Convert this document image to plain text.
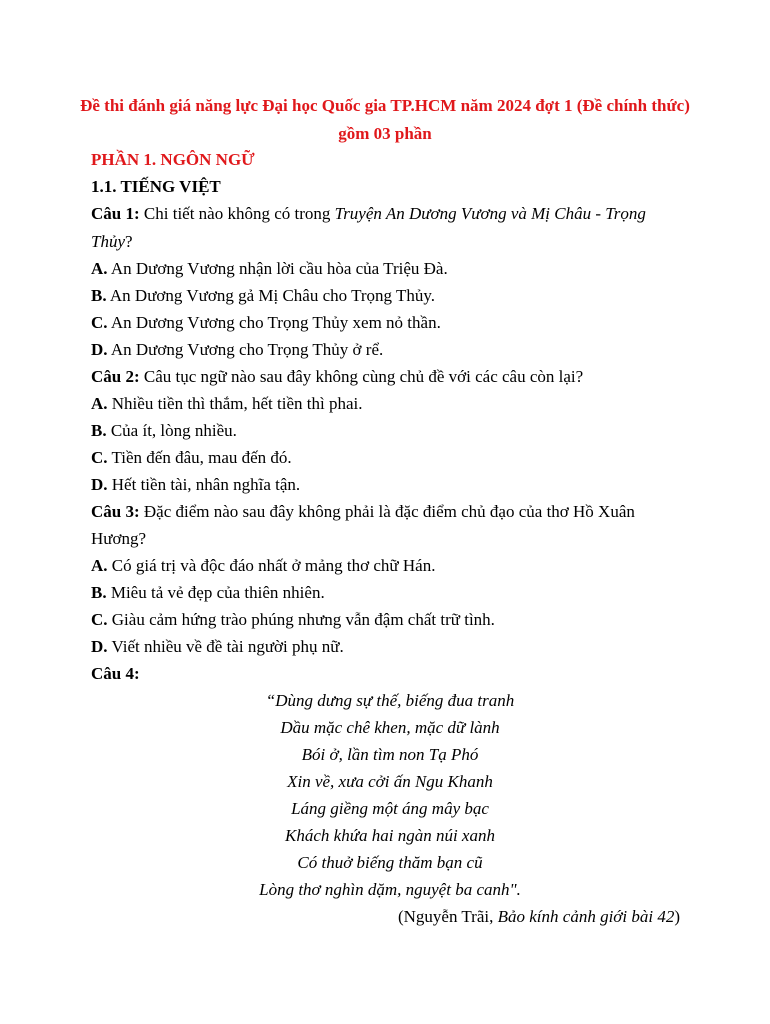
Đề thi đánh giá năng lực Đại học Quốc gia TP.HCM năm 2024 đợt 1 (Đề chính thức) gồm 03 phần
PHẦN 1. NGÔN NGỮ
1.1. TIẾNG VIỆT
Câu 1: Chi tiết nào không có trong Truyện An Dương Vương và Mị Châu - Trọng
Thủy?
A. An Dương Vương nhận lời cầu hòa của Triệu Đà.
B. An Dương Vương gả Mị Châu cho Trọng Thủy.
C. An Dương Vương cho Trọng Thủy xem nỏ thần.
D. An Dương Vương cho Trọng Thủy ở rể.
Câu 2: Câu tục ngữ nào sau đây không cùng chủ đề với các câu còn lại?
A. Nhiều tiền thì thắm, hết tiền thì phai.
B. Của ít, lòng nhiều.
C. Tiền đến đâu, mau đến đó.
D. Hết tiền tài, nhân nghĩa tận.
Câu 3: Đặc điểm nào sau đây không phải là đặc điểm chủ đạo của thơ Hồ Xuân
Hương?
A. Có giá trị và độc đáo nhất ở mảng thơ chữ Hán.
B. Miêu tả vẻ đẹp của thiên nhiên.
C. Giàu cảm hứng trào phúng nhưng vẫn đậm chất trữ tình.
D. Viết nhiều về đề tài người phụ nữ.
Câu 4:
“Dùng dưng sự thế, biếng đua tranh
Dầu mặc chê khen, mặc dữ lành
Bói ở, lần tìm non Tạ Phó
Xin về, xưa cởi ấn Ngu Khanh
Láng giềng một áng mây bạc
Khách khứa hai ngàn núi xanh
Có thuở biếng thăm bạn cũ
Lòng thơ nghìn dặm, nguyệt ba canh".
(Nguyễn Trãi, Bảo kính cảnh giới bài 42)
